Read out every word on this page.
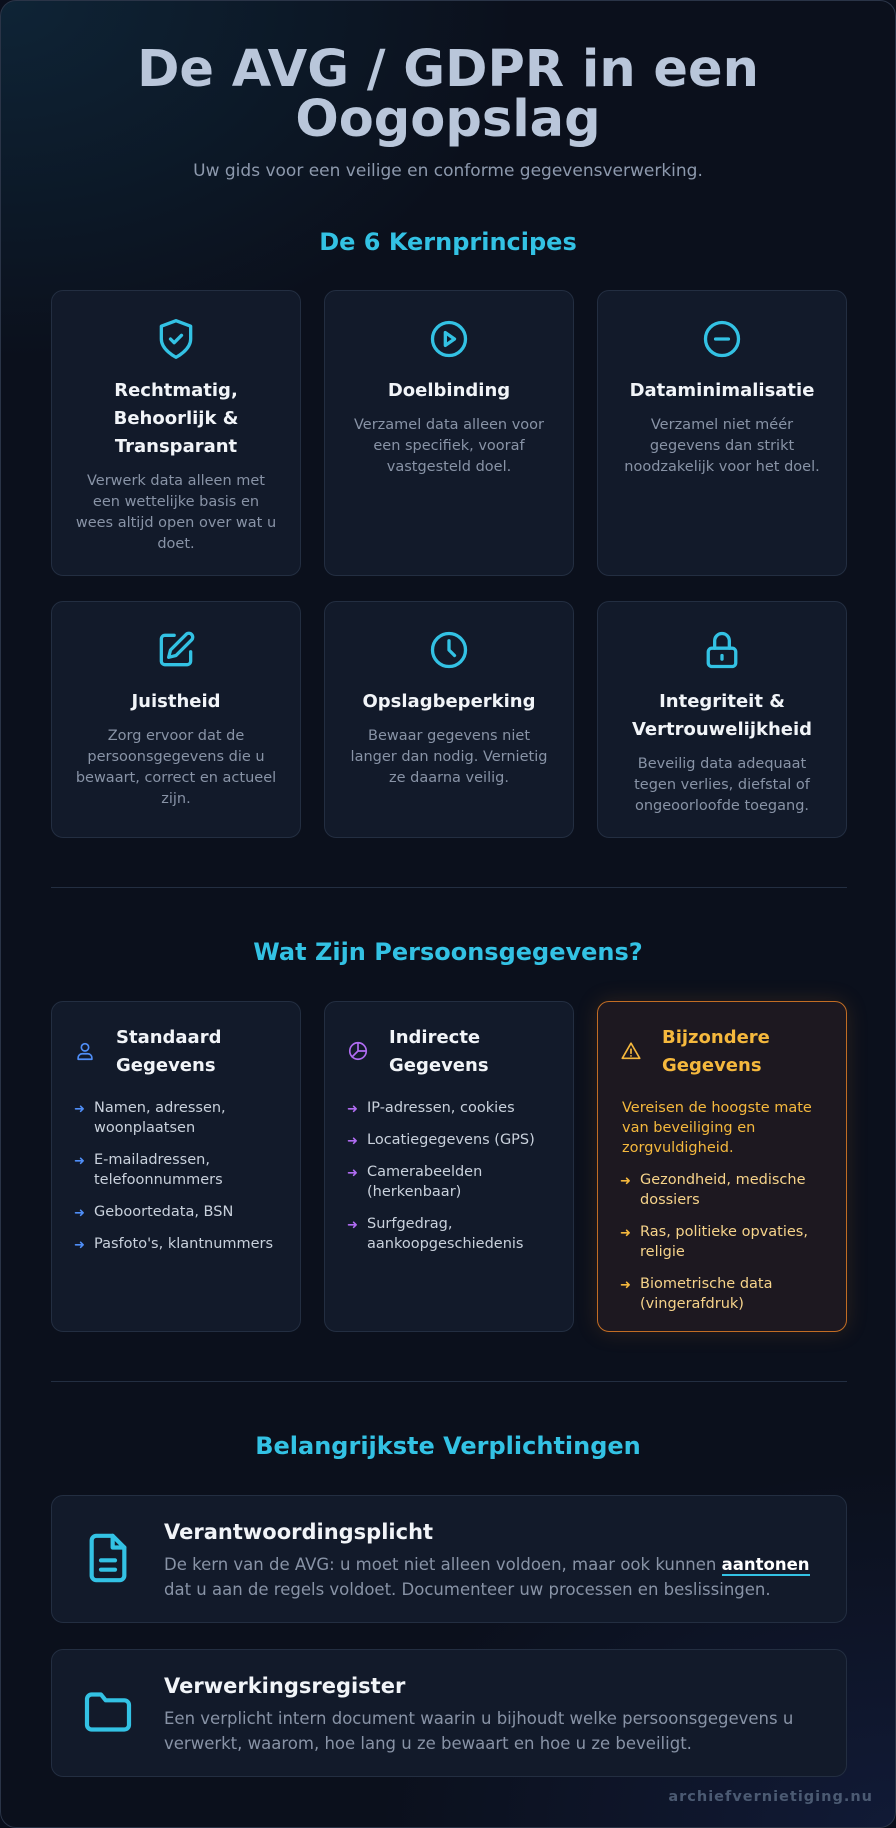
De AVG / GDPR in een Oogopslag
Uw gids voor een veilige en conforme gegevensverwerking.
De 6 Kernprincipes
Rechtmatig, Behoorlijk & Transparant
Verwerk data alleen met een wettelijke basis en wees altijd open over wat u doet.
Doelbinding
Verzamel data alleen voor een specifiek, vooraf vastgesteld doel.
Dataminimalisatie
Verzamel niet méér gegevens dan strikt noodzakelijk voor het doel.
Juistheid
Zorg ervoor dat de persoonsgegevens die u bewaart, correct en actueel zijn.
Opslagbeperking
Bewaar gegevens niet langer dan nodig. Vernietig ze daarna veilig.
Integriteit & Vertrouwelijkheid
Beveilig data adequaat tegen verlies, diefstal of ongeoorloofde toegang.
Wat Zijn Persoonsgegevens?
Standaard Gegevens
➜ Namen, adressen, woonplaatsen
➜ E-mailadressen, telefoonnummers
➜ Geboortedata, BSN
➜ Pasfoto's, klantnummers
Indirecte Gegevens
➜ IP-adressen, cookies
➜ Locatiegegevens (GPS)
➜ Camerabeelden (herkenbaar)
➜ Surfgedrag, aankoopgeschiedenis
Bijzondere Gegevens
Vereisen de hoogste mate van beveiliging en zorgvuldigheid.
➜ Gezondheid, medische dossiers
➜ Ras, politieke opvaties, religie
➜ Biometrische data (vingerafdruk)
Belangrijkste Verplichtingen
Verantwoordingsplicht
De kern van de AVG: u moet niet alleen voldoen, maar ook kunnen aantonen dat u aan de regels voldoet. Documenteer uw processen en beslissingen.
Verwerkingsregister
Een verplicht intern document waarin u bijhoudt welke persoonsgegevens u verwerkt, waarom, hoe lang u ze bewaart en hoe u ze beveiligt.
archiefvernietiging.nu
